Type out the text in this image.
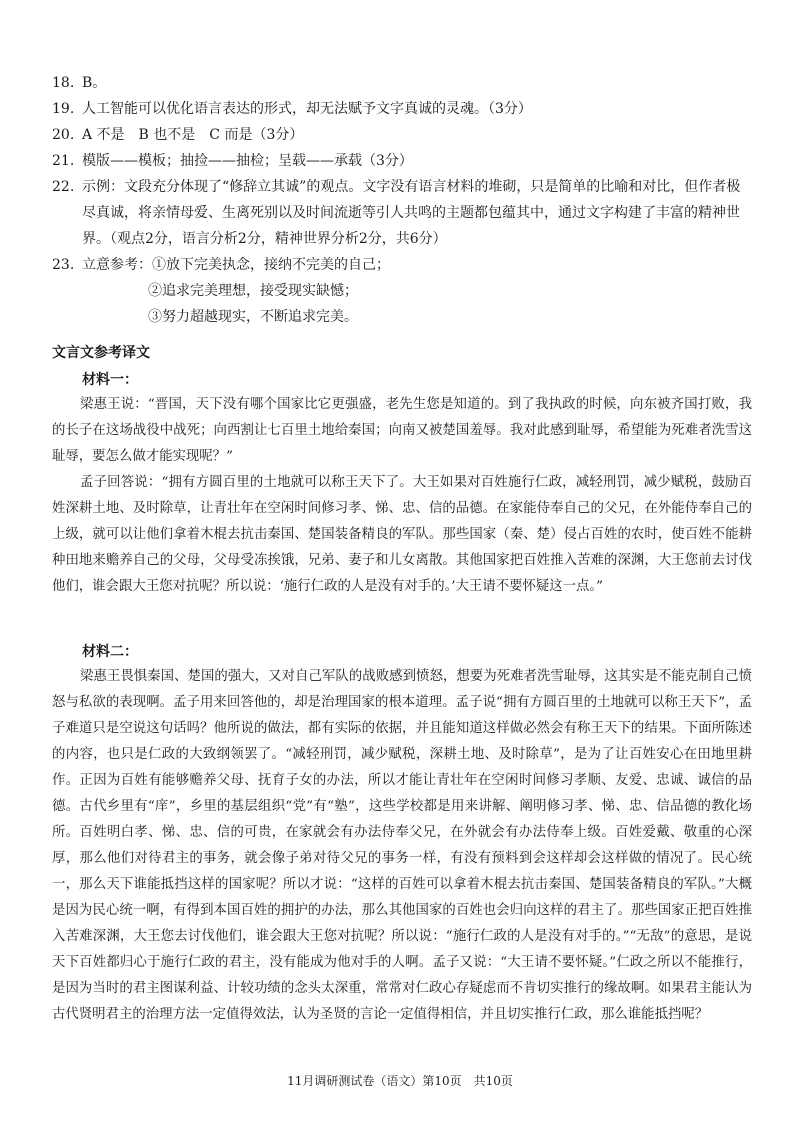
18. B。
19. 人工智能可以优化语言表达的形式，却无法赋予文字真诚的灵魂。（3分）
20. A 不是　B 也不是　C 而是（3分）
21. 模版——模板；抽捡——抽检；呈载——承载（3分）
22. 示例：文段充分体现了“修辞立其诚”的观点。文字没有语言材料的堆砌，只是简单的比喻和对比，但作者极尽真诚，将亲情母爱、生离死别以及时间流逝等引人共鸣的主题都包蕴其中，通过文字构建了丰富的精神世界。（观点2分，语言分析2分，精神世界分析2分，共6分）
23. 立意参考：①放下完美执念，接纳不完美的自己；
②追求完美理想，接受现实缺憾；
③努力超越现实，不断追求完美。
文言文参考译文
材料一：

梁惠王说：“晋国，天下没有哪个国家比它更强盛，老先生您是知道的。到了我执政的时候，向东被齐国打败，我的长子在这场战役中战死；向西割让七百里土地给秦国；向南又被楚国羞辱。我对此感到耻辱，希望能为死难者洗雪这耻辱，要怎么做才能实现呢？”

孟子回答说：“拥有方圆百里的土地就可以称王天下了。大王如果对百姓施行仁政，减轻刑罚，减少赋税，鼓励百姓深耕土地、及时除草，让青壮年在空闲时间修习孝、悌、忠、信的品德。在家能侍奉自己的父兄，在外能侍奉自己的上级，就可以让他们拿着木棍去抗击秦国、楚国装备精良的军队。那些国家（秦、楚）侵占百姓的农时，使百姓不能耕种田地来赡养自己的父母，父母受冻挨饿，兄弟、妻子和儿女离散。其他国家把百姓推入苦难的深渊，大王您前去讨伐他们，谁会跟大王您对抗呢？所以说：‘施行仁政的人是没有对手的。’大王请不要怀疑这一点。”

材料二：

梁惠王畏惧秦国、楚国的强大，又对自己军队的战败感到愤怒，想要为死难者洗雪耻辱，这其实是不能克制自己愤怒与私欲的表现啊。孟子用来回答他的，却是治理国家的根本道理。孟子说“拥有方圆百里的土地就可以称王天下”，孟子难道只是空说这句话吗？他所说的做法，都有实际的依据，并且能知道这样做必然会有称王天下的结果。下面所陈述的内容，也只是仁政的大致纲领罢了。“减轻刑罚，减少赋税，深耕土地、及时除草”，是为了让百姓安心在田地里耕作。正因为百姓有能够赡养父母、抚育子女的办法，所以才能让青壮年在空闲时间修习孝顺、友爱、忠诚、诚信的品德。古代乡里有“庠”，乡里的基层组织“党”有“塾”，这些学校都是用来讲解、阐明修习孝、悌、忠、信品德的教化场所。百姓明白孝、悌、忠、信的可贵，在家就会有办法侍奉父兄，在外就会有办法侍奉上级。百姓爱戴、敬重的心深厚，那么他们对待君主的事务，就会像子弟对待父兄的事务一样，有没有预料到会这样却会这样做的情况了。民心统一，那么天下谁能抵挡这样的国家呢？所以才说：“这样的百姓可以拿着木棍去抗击秦国、楚国装备精良的军队。”大概是因为民心统一啊，有得到本国百姓的拥护的办法，那么其他国家的百姓也会归向这样的君主了。那些国家正把百姓推入苦难深渊，大王您去讨伐他们，谁会跟大王您对抗呢？所以说：“施行仁政的人是没有对手的。”“无敌”的意思，是说天下百姓都归心于施行仁政的君主，没有能成为他对手的人啊。孟子又说：“大王请不要怀疑。”仁政之所以不能推行，是因为当时的君主图谋利益、计较功绩的念头太深重，常常对仁政心存疑虑而不肯切实推行的缘故啊。如果君主能认为古代贤明君主的治理方法一定值得效法，认为圣贤的言论一定值得相信，并且切实推行仁政，那么谁能抵挡呢？

11月调研测试卷（语文）第10页　共10页
